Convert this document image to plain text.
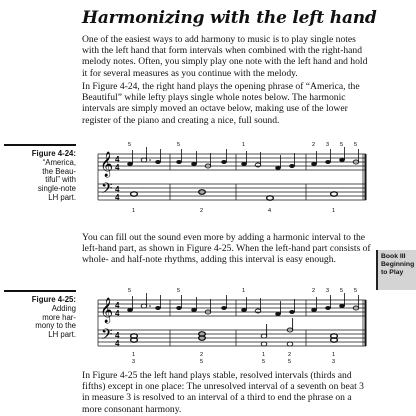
Harmonizing with the left hand

One of the easiest ways to add harmony to music is to play single notes with the left hand that form intervals when combined with the right-hand melody notes. Often, you simply play one note with the left hand and hold it for several measures as you continue with the melody.

In Figure 4-24, the right hand plays the opening phrase of “America, the Beautiful” while lefty plays single whole notes below. The harmonic intervals are simply moved an octave below, making use of the lower register of the piano and creating a nice, full sound.

Figure 4-24:
“America,
the Beau-
tiful” with
single-note
LH part.
𝄞
𝄢
4
4
4
4
5	5	1	2 3 5 5
1	2	4	1

You can fill out the sound even more by adding a harmonic interval to the left-hand part, as shown in Figure 4-25. When the left-hand part consists of whole- and half-note rhythms, adding this interval is easy enough.	Book III
Beginning
to Play
Figure 4-25:
Adding
more har-
mony to the
LH part.
𝄞
𝄢
4
4
4
4
5	5	1	2 3 5 5
1	2	1	2	1
3	5	5	5	3

In Figure 4-25 the left hand plays stable, resolved intervals (thirds and fifths) except in one place: The unresolved interval of a seventh on beat 3 in measure 3 is resolved to an interval of a third to end the phrase on a more consonant harmony.
